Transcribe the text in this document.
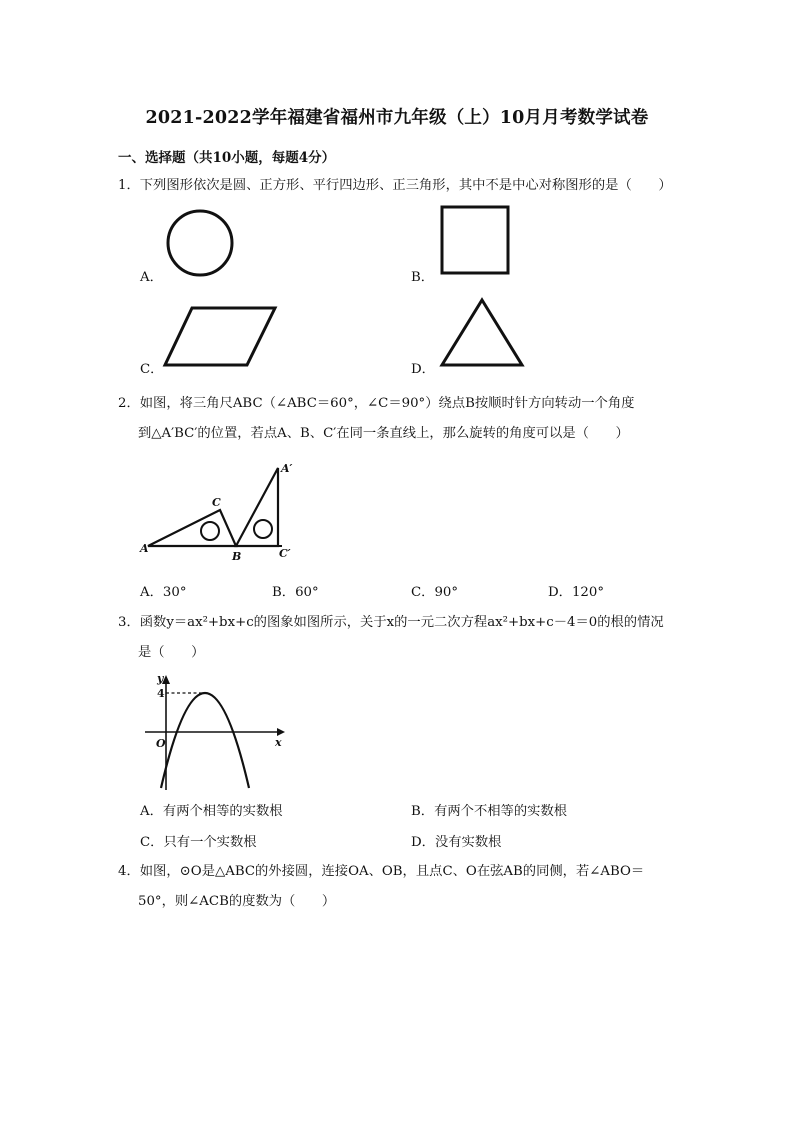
2021-2022学年福建省福州市九年级（上）10月月考数学试卷
一、选择题（共10小题，每题4分）
1．下列图形依次是圆、正方形、平行四边形、正三角形，其中不是中心对称图形的是（　　）
A．	B．
C．	D．
2．如图，将三角尺ABC（∠ABC＝60°，∠C＝90°）绕点B按顺时针方向转动一个角度
到△A′BC′的位置，若点A、B、C′在同一条直线上，那么旋转的角度可以是（　　）
A
C
B
A′
C′
A．30°	B．60°	C．90°	D．120°
3．函数y＝ax²+bx+c的图象如图所示，关于x的一元二次方程ax²+bx+c－4＝0的根的情况
是（　　）
y
x
O
4
A．有两个相等的实数根	B．有两个不相等的实数根
C．只有一个实数根	D．没有实数根
4．如图，⊙O是△ABC的外接圆，连接OA、OB，且点C、O在弦AB的同侧，若∠ABO＝
50°，则∠ACB的度数为（　　）
